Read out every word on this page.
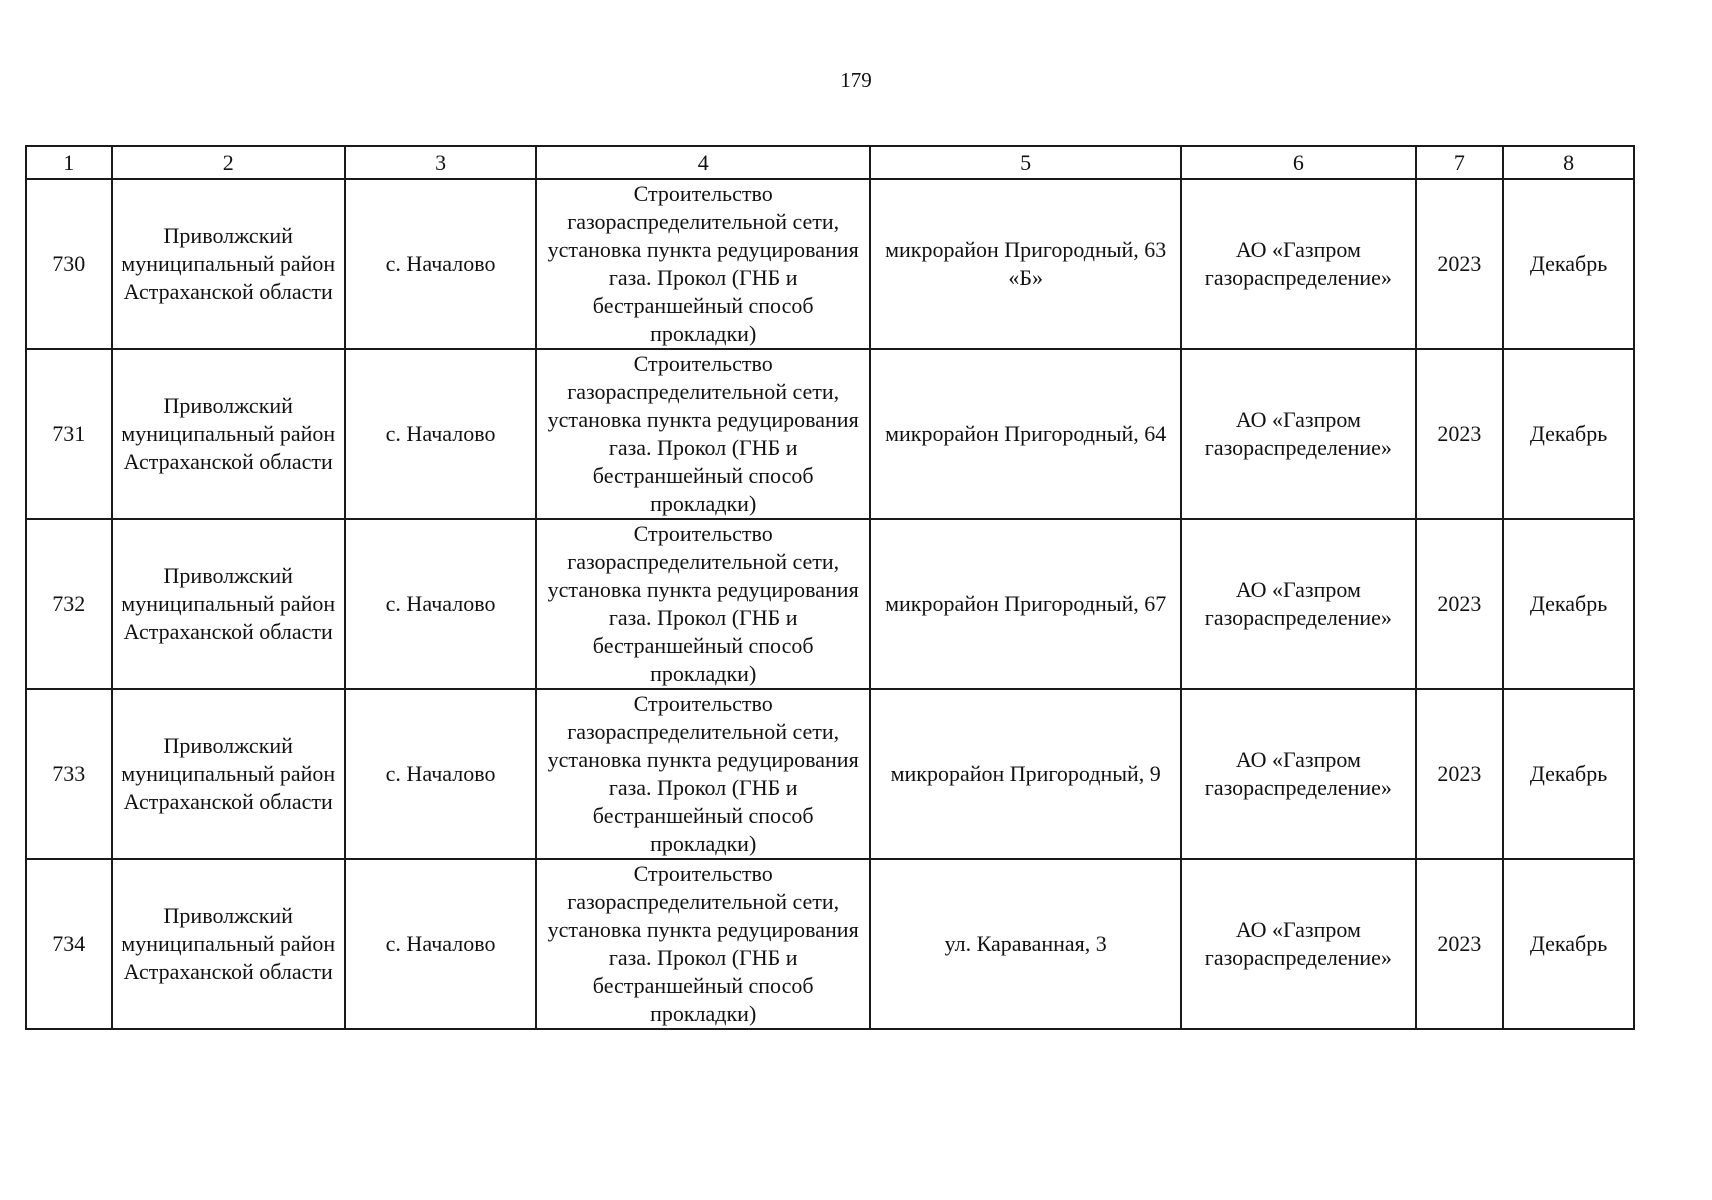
179
1	2	3	4	5	6	7	8
730	Приволжский муниципальный район Астраханской области	с. Началово	Строительство газораспределительной сети, установка пункта редуцирования газа. Прокол (ГНБ и бестраншейный способ прокладки)	микрорайон Пригородный, 63 «Б»	АО «Газпром газораспределение»	2023	Декабрь
731	Приволжский муниципальный район Астраханской области	с. Началово	Строительство газораспределительной сети, установка пункта редуцирования газа. Прокол (ГНБ и бестраншейный способ прокладки)	микрорайон Пригородный, 64	АО «Газпром газораспределение»	2023	Декабрь
732	Приволжский муниципальный район Астраханской области	с. Началово	Строительство газораспределительной сети, установка пункта редуцирования газа. Прокол (ГНБ и бестраншейный способ прокладки)	микрорайон Пригородный, 67	АО «Газпром газораспределение»	2023	Декабрь
733	Приволжский муниципальный район Астраханской области	с. Началово	Строительство газораспределительной сети, установка пункта редуцирования газа. Прокол (ГНБ и бестраншейный способ прокладки)	микрорайон Пригородный, 9	АО «Газпром газораспределение»	2023	Декабрь
734	Приволжский муниципальный район Астраханской области	с. Началово	Строительство газораспределительной сети, установка пункта редуцирования газа. Прокол (ГНБ и бестраншейный способ прокладки)	ул. Караванная, 3	АО «Газпром газораспределение»	2023	Декабрь
